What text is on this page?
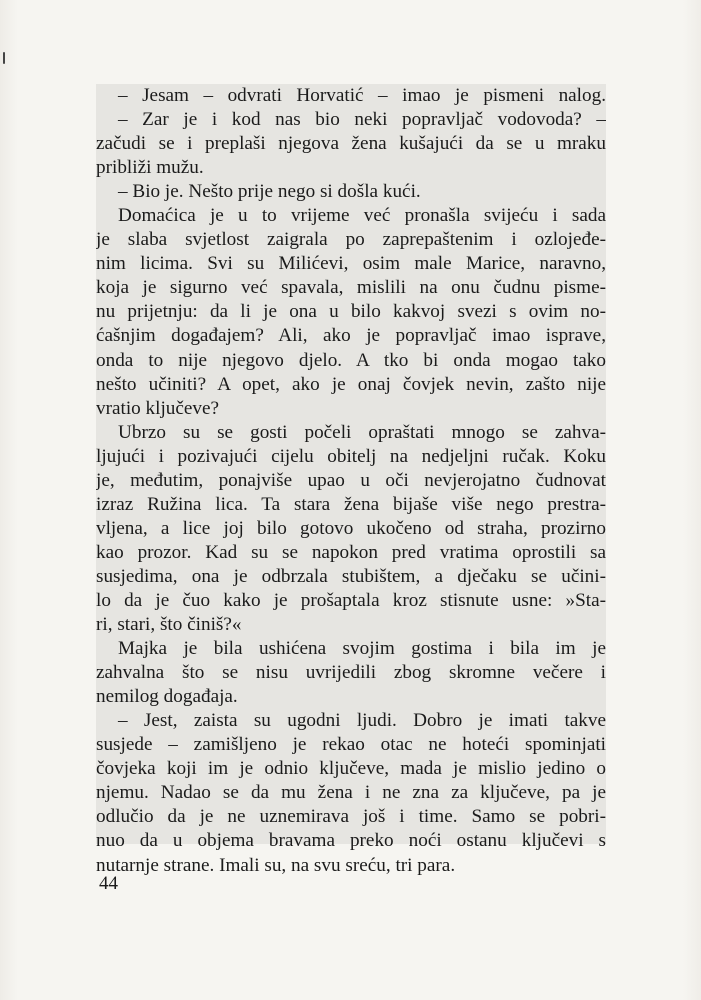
– Jesam – odvrati Horvatić – imao je pismeni nalog.
– Zar je i kod nas bio neki popravljač vodovoda? –
začudi se i preplaši njegova žena kušajući da se u mraku
približi mužu.
– Bio je. Nešto prije nego si došla kući.
Domaćica je u to vrijeme već pronašla svijeću i sada
je slaba svjetlost zaigrala po zaprepaštenim i ozlojeđe-
nim licima. Svi su Milićevi, osim male Marice, naravno,
koja je sigurno već spavala, mislili na onu čudnu pisme-
nu prijetnju: da li je ona u bilo kakvoj svezi s ovim no-
ćašnjim događajem? Ali, ako je popravljač imao isprave,
onda to nije njegovo djelo. A tko bi onda mogao tako
nešto učiniti? A opet, ako je onaj čovjek nevin, zašto nije
vratio ključeve?
Ubrzo su se gosti počeli opraštati mnogo se zahva-
ljujući i pozivajući cijelu obitelj na nedjeljni ručak. Koku
je, međutim, ponajviše upao u oči nevjerojatno čudnovat
izraz Ružina lica. Ta stara žena bijaše više nego prestra-
vljena, a lice joj bilo gotovo ukočeno od straha, prozirno
kao prozor. Kad su se napokon pred vratima oprostili sa
susjedima, ona je odbrzala stubištem, a dječaku se učini-
lo da je čuo kako je prošaptala kroz stisnute usne: »Sta-
ri, stari, što činiš?«
Majka je bila ushićena svojim gostima i bila im je
zahvalna što se nisu uvrijedili zbog skromne večere i
nemilog događaja.
– Jest, zaista su ugodni ljudi. Dobro je imati takve
susjede – zamišljeno je rekao otac ne hoteći spominjati
čovjeka koji im je odnio ključeve, mada je mislio jedino o
njemu. Nadao se da mu žena i ne zna za ključeve, pa je
odlučio da je ne uznemirava još i time. Samo se pobri-
nuo da u objema bravama preko noći ostanu ključevi s
nutarnje strane. Imali su, na svu sreću, tri para.
44
